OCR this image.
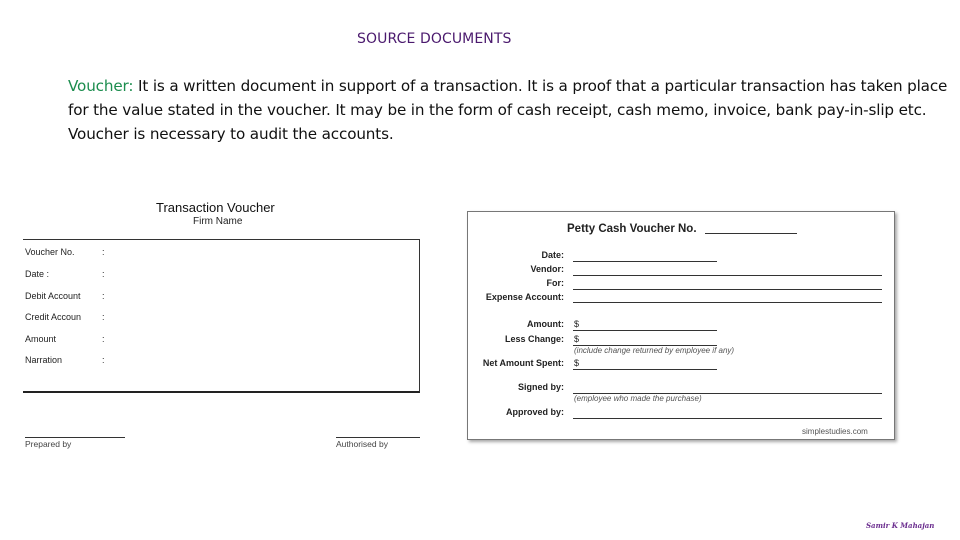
SOURCE DOCUMENTS

Voucher: It is a written document in support of a transaction. It is a proof that a particular transaction has taken place for the value stated in the voucher. It may be in the form of cash receipt, cash memo, invoice, bank pay-in-slip etc. Voucher is necessary to audit the accounts.

Transaction Voucher
Firm Name
Voucher No.	:
Date :	:
Debit Account :
Credit Accoun :
Amount	:
Narration	:
Prepared by	Authorised by
Petty Cash Voucher No.
Date:
Vendor:
For:
Expense Account:
Amount: $
Less Change: $
(include change returned by employee if any)
Net Amount Spent: $
Signed by:
(employee who made the purchase)
Approved by:
simplestudies.com
Samir K Mahajan
